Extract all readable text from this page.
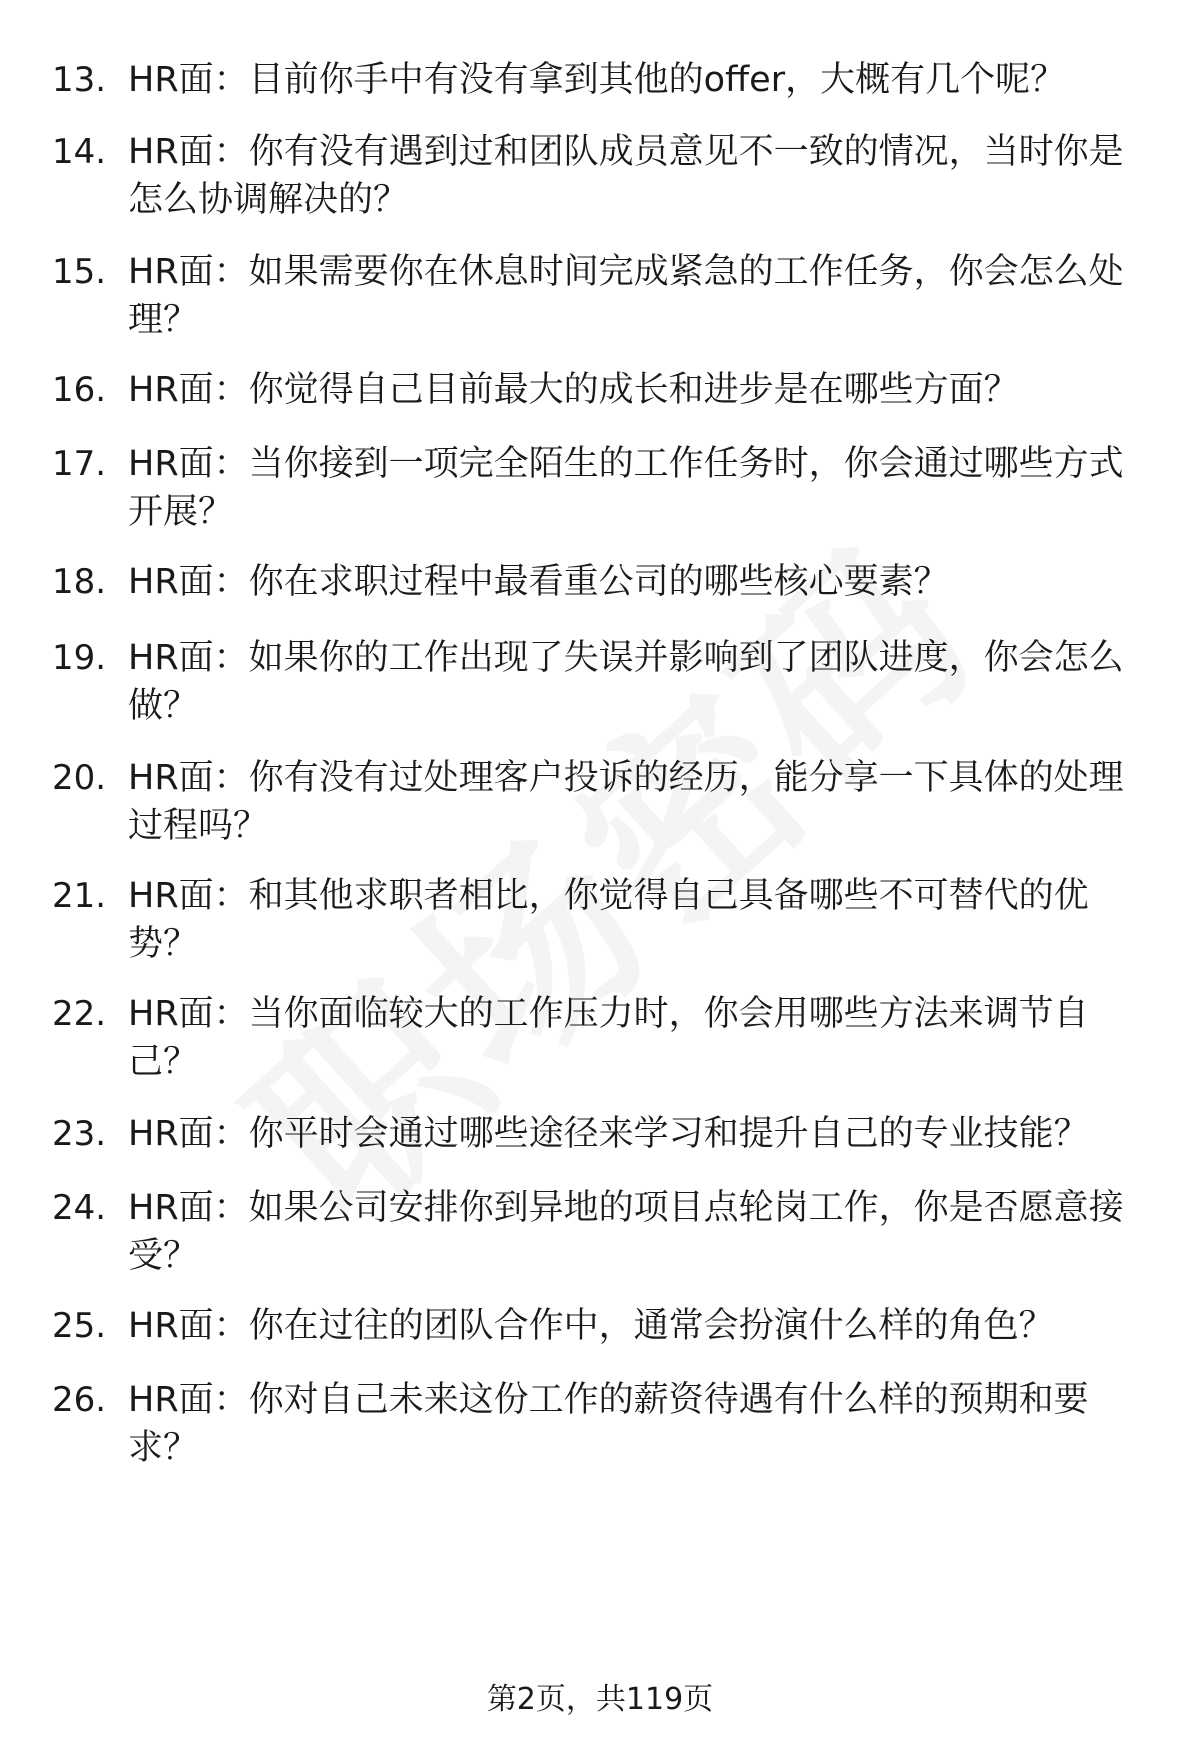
13. HR面：目前你手中有没有拿到其他的offer，大概有几个呢？
14. HR面：你有没有遇到过和团队成员意见不一致的情况，当时你是怎么协调解决的？
15. HR面：如果需要你在休息时间完成紧急的工作任务，你会怎么处理？
16. HR面：你觉得自己目前最大的成长和进步是在哪些方面？
17. HR面：当你接到一项完全陌生的工作任务时，你会通过哪些方式开展？
18. HR面：你在求职过程中最看重公司的哪些核心要素？
19. HR面：如果你的工作出现了失误并影响到了团队进度，你会怎么做？
20. HR面：你有没有过处理客户投诉的经历，能分享一下具体的处理过程吗？
21. HR面：和其他求职者相比，你觉得自己具备哪些不可替代的优势？
22. HR面：当你面临较大的工作压力时，你会用哪些方法来调节自己？
23. HR面：你平时会通过哪些途径来学习和提升自己的专业技能？
24. HR面：如果公司安排你到异地的项目点轮岗工作，你是否愿意接受？
25. HR面：你在过往的团队合作中，通常会扮演什么样的角色？
26. HR面：你对自己未来这份工作的薪资待遇有什么样的预期和要求？
第2页，共119页
